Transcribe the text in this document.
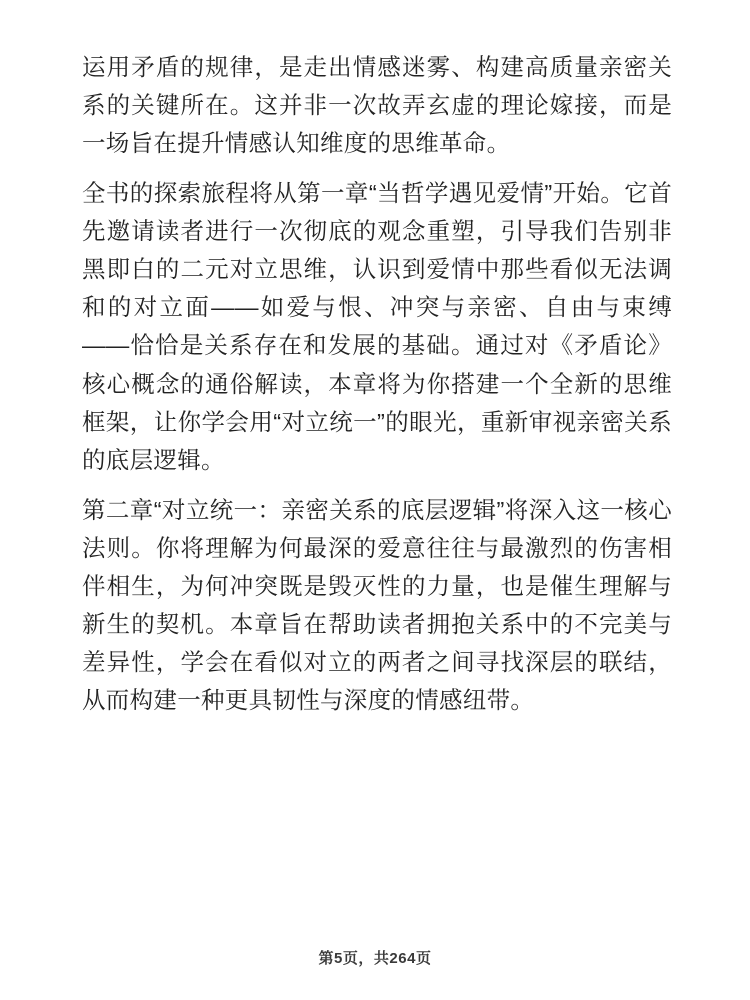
运用矛盾的规律，是走出情感迷雾、构建高质量亲密关系的关键所在。这并非一次故弄玄虚的理论嫁接，而是一场旨在提升情感认知维度的思维革命。

全书的探索旅程将从第一章“当哲学遇见爱情”开始。它首先邀请读者进行一次彻底的观念重塑，引导我们告别非黑即白的二元对立思维，认识到爱情中那些看似无法调和的对立面——如爱与恨、冲突与亲密、自由与束缚——恰恰是关系存在和发展的基础。通过对《矛盾论》核心概念的通俗解读，本章将为你搭建一个全新的思维框架，让你学会用“对立统一”的眼光，重新审视亲密关系的底层逻辑。

第二章“对立统一：亲密关系的底层逻辑”将深入这一核心法则。你将理解为何最深的爱意往往与最激烈的伤害相伴相生，为何冲突既是毁灭性的力量，也是催生理解与新生的契机。本章旨在帮助读者拥抱关系中的不完美与差异性，学会在看似对立的两者之间寻找深层的联结，从而构建一种更具韧性与深度的情感纽带。

第5页，共264页
